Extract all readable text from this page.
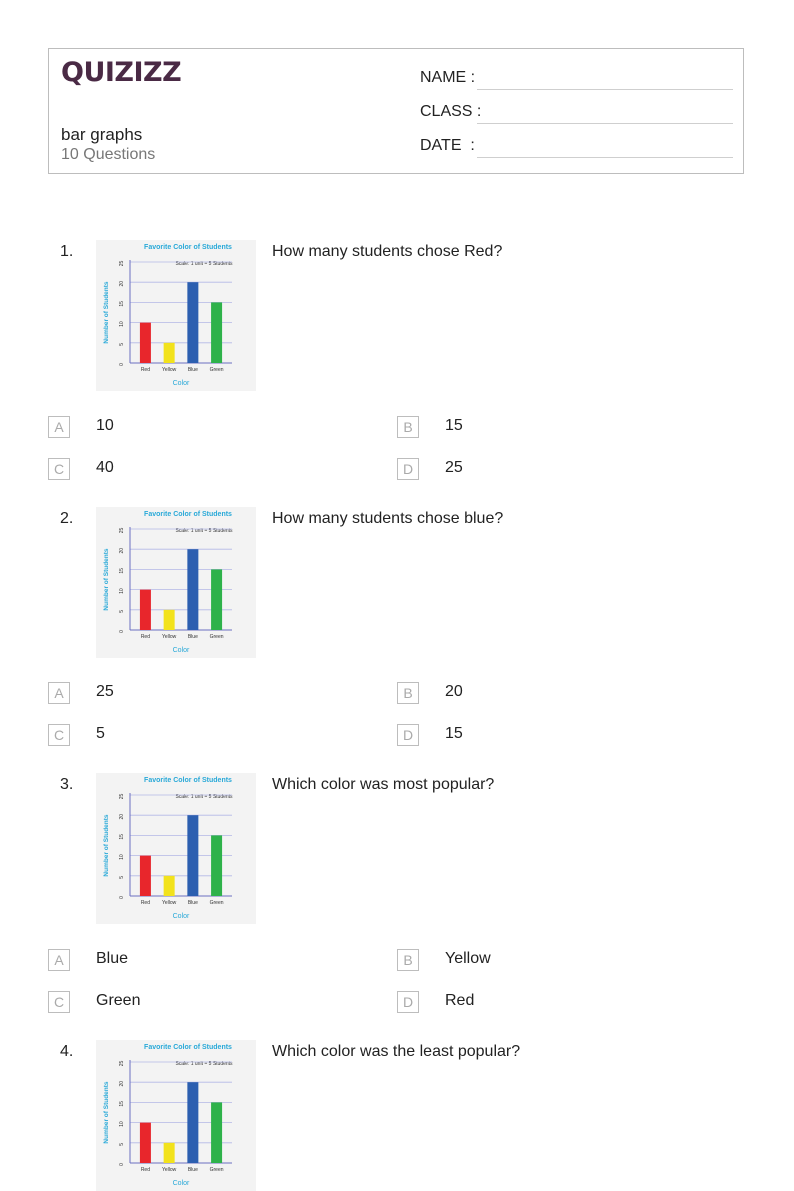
QUIZIZZ
bar graphs
10 Questions
NAME :
CLASS :
DATE  :
1.	Favorite Color of Students
Scale: 1 unit = 5 Students
0
5
10
15
20
25
Red Yellow Blue Green
Number of Students
Color
How many students chose Red?
A	10	B	15
C	40	D	25
2.	Favorite Color of Students
Scale: 1 unit = 5 Students
0
5
10
15
20
25
Red Yellow Blue Green
Number of Students
Color
How many students chose blue?
A	25	B	20
C	5	D	15
3.	Favorite Color of Students
Scale: 1 unit = 5 Students
0
5
10
15
20
25
Red Yellow Blue Green
Number of Students
Color
Which color was most popular?
A	Blue	B	Yellow
C	Green	D	Red
4.	Favorite Color of Students
Scale: 1 unit = 5 Students
0
5
10
15
20
25
Red Yellow Blue Green
Number of Students
Color
Which color was the least popular?
